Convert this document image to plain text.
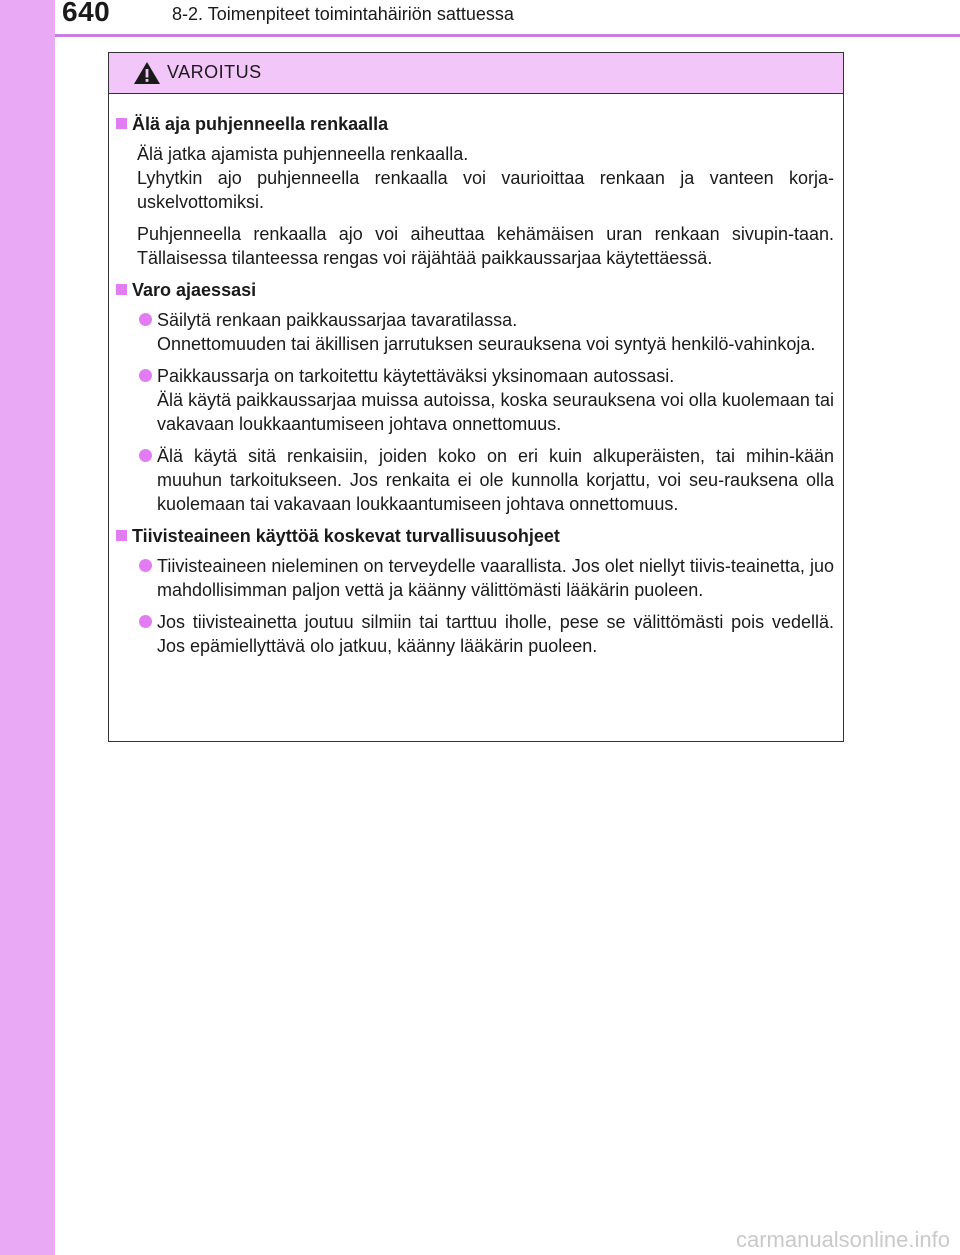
640	8-2. Toimenpiteet toimintahäiriön sattuessa
VAROITUS
Älä aja puhjenneella renkaalla
Älä jatka ajamista puhjenneella renkaalla.
Lyhytkin ajo puhjenneella renkaalla voi vaurioittaa renkaan ja vanteen korja-uskelvottomiksi.
Puhjenneella renkaalla ajo voi aiheuttaa kehämäisen uran renkaan sivupin-taan. Tällaisessa tilanteessa rengas voi räjähtää paikkaussarjaa käytettäessä.
Varo ajaessasi
Säilytä renkaan paikkaussarjaa tavaratilassa.
Onnettomuuden tai äkillisen jarrutuksen seurauksena voi syntyä henkilö-vahinkoja.
Paikkaussarja on tarkoitettu käytettäväksi yksinomaan autossasi.
Älä käytä paikkaussarjaa muissa autoissa, koska seurauksena voi olla kuolemaan tai vakavaan loukkaantumiseen johtava onnettomuus.
Älä käytä sitä renkaisiin, joiden koko on eri kuin alkuperäisten, tai mihin-kään muuhun tarkoitukseen. Jos renkaita ei ole kunnolla korjattu, voi seu-rauksena olla kuolemaan tai vakavaan loukkaantumiseen johtava onnettomuus.
Tiivisteaineen käyttöä koskevat turvallisuusohjeet
Tiivisteaineen nieleminen on terveydelle vaarallista. Jos olet niellyt tiivis-teainetta, juo mahdollisimman paljon vettä ja käänny välittömästi lääkärin puoleen.
Jos tiivisteainetta joutuu silmiin tai tarttuu iholle, pese se välittömästi pois vedellä. Jos epämiellyttävä olo jatkuu, käänny lääkärin puoleen.
carmanualsonline.info
